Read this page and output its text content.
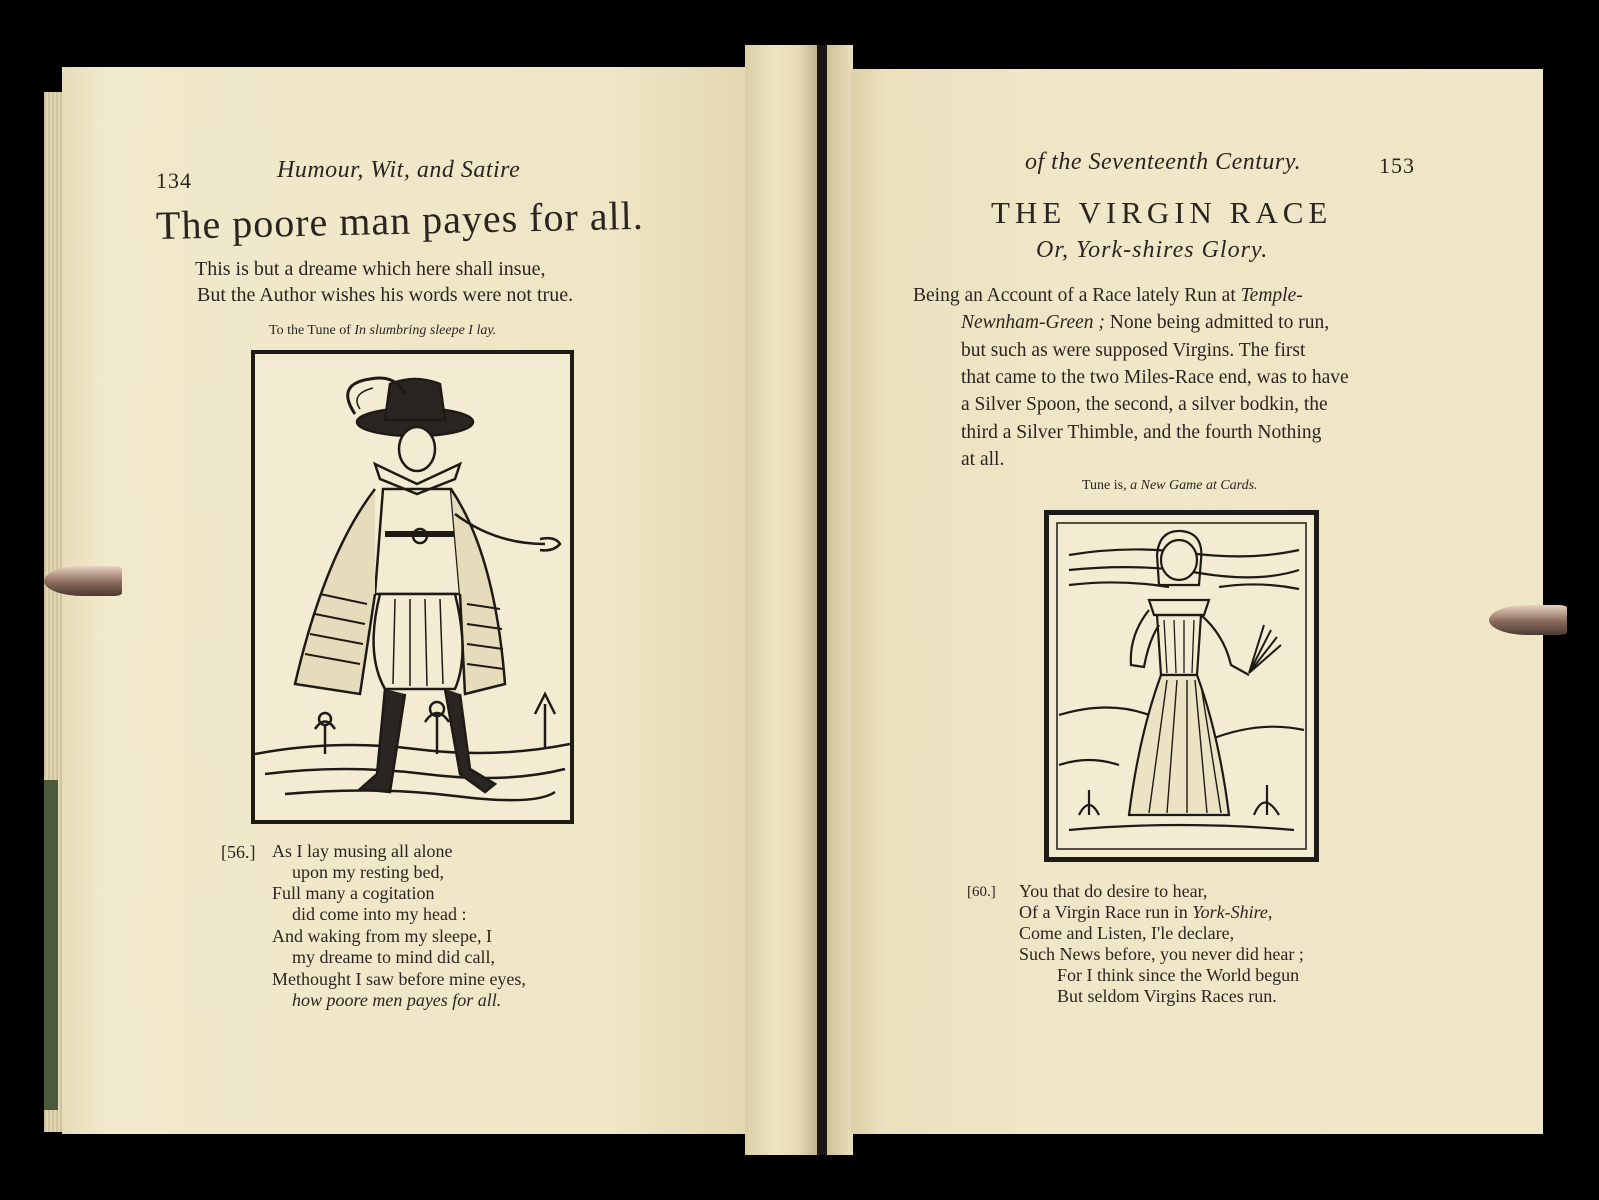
134	Humour, Wit, and Satire
The poore man payes for all.
This is but a dreame which here shall insue,
But the Author wishes his words were not true.
To the Tune of In slumbring sleepe I lay.
[56.] As I lay musing all alone
upon my resting bed,
Full many a cogitation
did come into my head :
And waking from my sleepe, I
my dreame to mind did call,
Methought I saw before mine eyes,
how poore men payes for all.
of the Seventeenth Century.	153
THE VIRGIN RACE
Or, York-shires Glory.
Being an Account of a Race lately Run at Temple-
Newnham-Green ; None being admitted to run,
but such as were supposed Virgins. The first
that came to the two Miles-Race end, was to have
a Silver Spoon, the second, a silver bodkin, the
third a Silver Thimble, and the fourth Nothing
at all.
Tune is, a New Game at Cards.
[60.] You that do desire to hear,
Of a Virgin Race run in York-Shire,
Come and Listen, I'le declare,
Such News before, you never did hear ;
For I think since the World begun
But seldom Virgins Races run.
